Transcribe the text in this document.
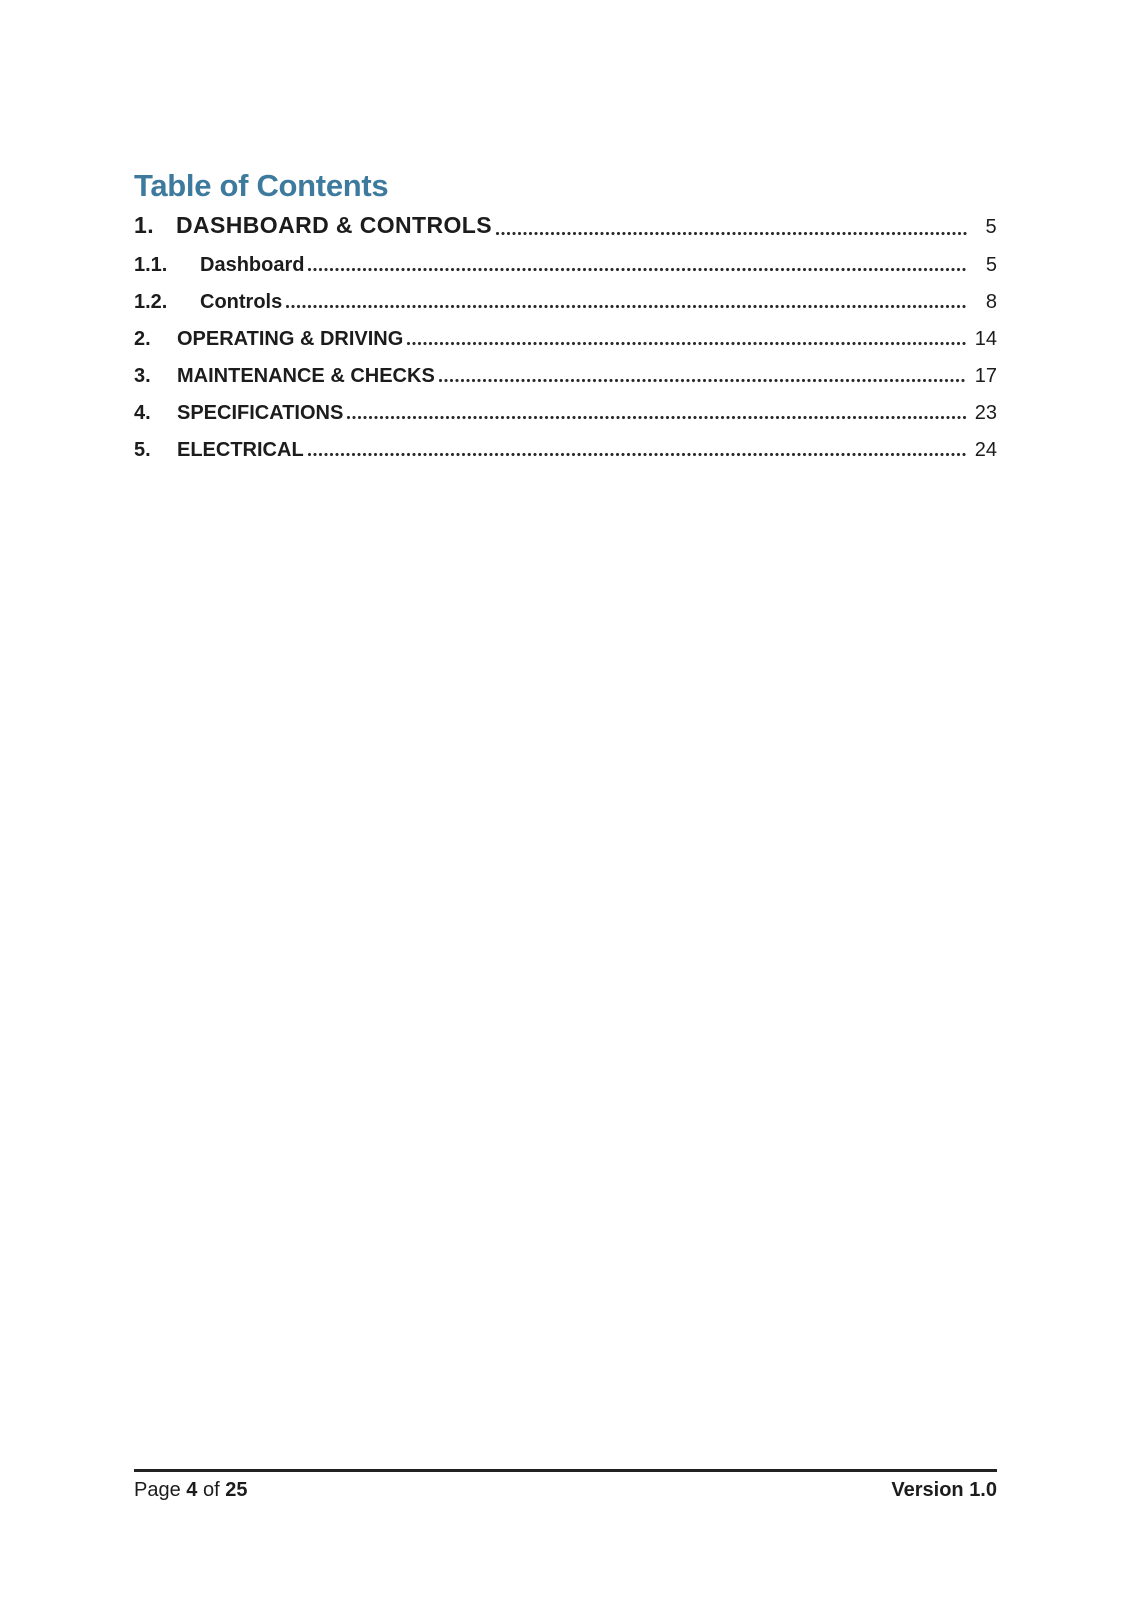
Table of Contents
1. DASHBOARD & CONTROLS	5
1.1.	Dashboard	5
1.2.	Controls	8
2.	OPERATING & DRIVING	14
3.	MAINTENANCE & CHECKS	17
4.	SPECIFICATIONS	23
5.	ELECTRICAL	24
Page 4 of 25	Version 1.0
